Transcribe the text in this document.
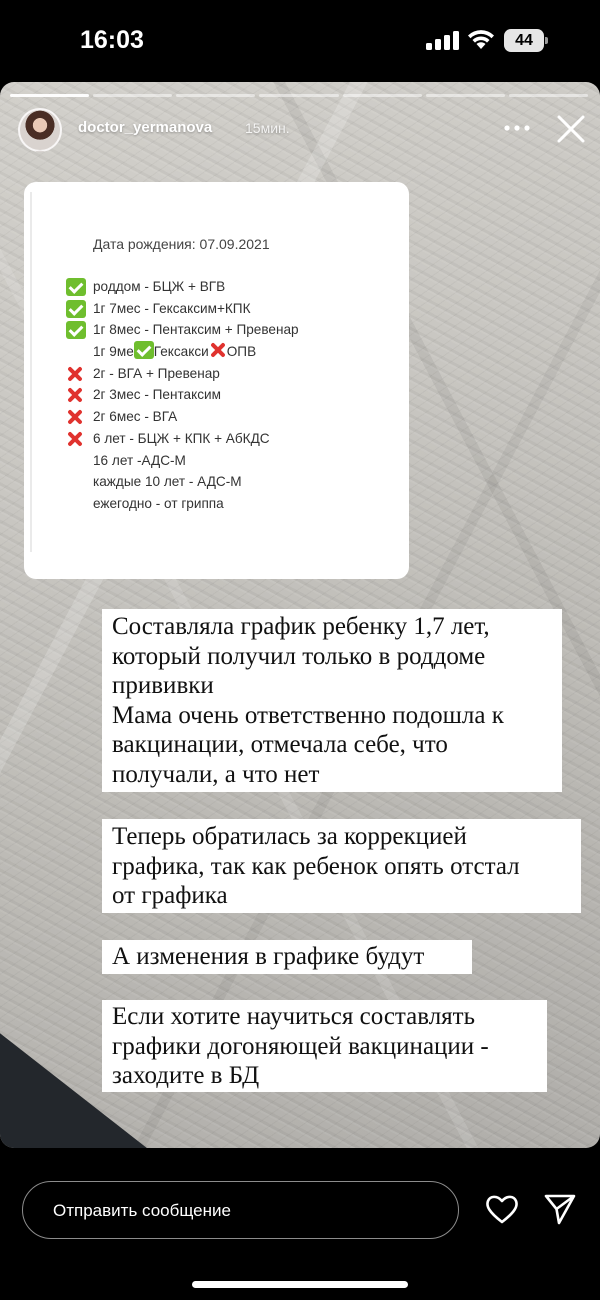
16:03	44
doctor_yermanova 15мин.
Дата рождения: 07.09.2021
роддом - БЦЖ + ВГВ
1г 7мес - Гексаксим+КПК
1г 8мес - Пентаксим + Превенар
1г 9ме Гексакси ОПВ
2г - ВГА + Превенар
2г 3мес - Пентаксим
2г 6мес - ВГА
6 лет - БЦЖ + КПК + АбКДС
16 лет -АДС-М
каждые 10 лет - АДС-М
ежегодно - от гриппа
Составляла график ребенку 1,7 лет,
который получил только в роддоме
прививки
Мама очень ответственно подошла к
вакцинации, отмечала себе, что
получали, а что нет
Теперь обратилась за коррекцией
графика, так как ребенок опять отстал
от графика
А изменения в графике будут
Если хотите научиться составлять
графики догоняющей вакцинации -
заходите в БД
Отправить сообщение
